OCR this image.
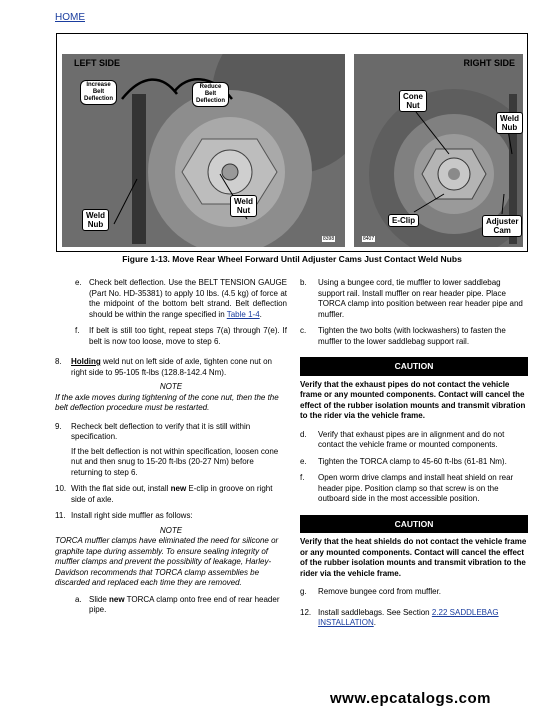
HOME
LEFT SIDE
Increase
Belt
Deflection
Reduce
Belt
Deflection
Weld
Nub
Weld
Nut
8398
RIGHT SIDE
Cone
Nut
Weld
Nub
E-Clip	Adjuster
Cam
8407
Figure 1-13. Move Rear Wheel Forward Until Adjuster Cams Just Contact Weld Nubs
e. Check belt deflection. Use the BELT TENSION GAUGE (Part No. HD-35381) to apply 10 lbs. (4.5 kg) of force at the midpoint of the bottom belt strand. Belt deflection should be within the range specified in Table 1-4.
f. If belt is still too tight, repeat steps 7(a) through 7(e). If belt is now too loose, move to step 6.
8. Holding weld nut on left side of axle, tighten cone nut on right side to 95-105 ft-lbs (128.8-142.4 Nm).
NOTE
If the axle moves during tightening of the cone nut, then the the belt deflection procedure must be restarted.
9. Recheck belt deflection to verify that it is still within specification.
If the belt deflection is not within specification, loosen cone nut and then snug to 15-20 ft-lbs (20-27 Nm) before returning to step 6.
10. With the flat side out, install new E-clip in groove on right side of axle.
11. Install right side muffler as follows:
NOTE
TORCA muffler clamps have eliminated the need for silicone or graphite tape during assembly. To ensure sealing integrity of muffler clamps and prevent the possibility of leakage, Harley-Davidson recommends that TORCA clamp assemblies be discarded and replaced each time they are removed.
a. Slide new TORCA clamp onto free end of rear header pipe.
b. Using a bungee cord, tie muffler to lower saddlebag support rail. Install muffler on rear header pipe. Place TORCA clamp into position between rear header pipe and muffler.
c. Tighten the two bolts (with lockwashers) to fasten the muffler to the lower saddlebag support rail.
CAUTION
Verify that the exhaust pipes do not contact the vehicle frame or any mounted components. Contact will cancel the effect of the rubber isolation mounts and transmit vibration to the rider via the vehicle frame.
d. Verify that exhaust pipes are in alignment and do not contact the vehicle frame or mounted components.
e. Tighten the TORCA clamp to 45-60 ft-lbs (61-81 Nm).
f. Open worm drive clamps and install heat shield on rear header pipe. Position clamp so that screw is on the outboard side in the most accessible position.
CAUTION
Verify that the heat shields do not contact the vehicle frame or any mounted components. Contact will cancel the effect of the rubber isolation mounts and transmit vibration to the rider via the vehicle frame.
g. Remove bungee cord from muffler.
12. Install saddlebags. See Section 2.22 SADDLEBAG
INSTALLATION.
www.epcatalogs.com
